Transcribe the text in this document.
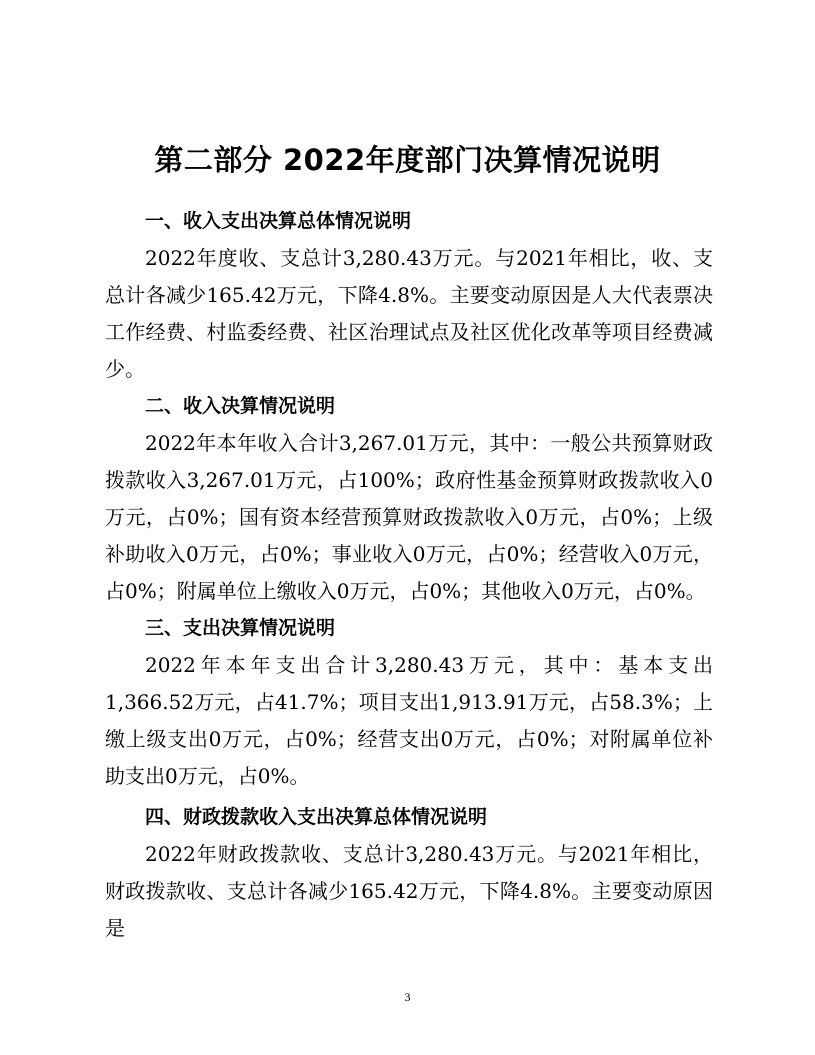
第二部分 2022年度部门决算情况说明
一、收入支出决算总体情况说明

2022年度收、支总计3,280.43万元。与2021年相比，收、支总计各减少165.42万元，下降4.8%。主要变动原因是人大代表票决工作经费、村监委经费、社区治理试点及社区优化改革等项目经费减少。

二、收入决算情况说明

2022年本年收入合计3,267.01万元，其中：一般公共预算财政拨款收入3,267.01万元，占100%；政府性基金预算财政拨款收入0万元，占0%；国有资本经营预算财政拨款收入0万元，占0%；上级补助收入0万元，占0%；事业收入0万元，占0%；经营收入0万元，占0%；附属单位上缴收入0万元，占0%；其他收入0万元，占0%。

三、支出决算情况说明

2022年本年支出合计3,280.43万元，其中：基本支出1,366.52万元，占41.7%；项目支出1,913.91万元，占58.3%；上缴上级支出0万元，占0%；经营支出0万元，占0%；对附属单位补助支出0万元，占0%。

四、财政拨款收入支出决算总体情况说明

2022年财政拨款收、支总计3,280.43万元。与2021年相比，财政拨款收、支总计各减少165.42万元，下降4.8%。主要变动原因是

3
